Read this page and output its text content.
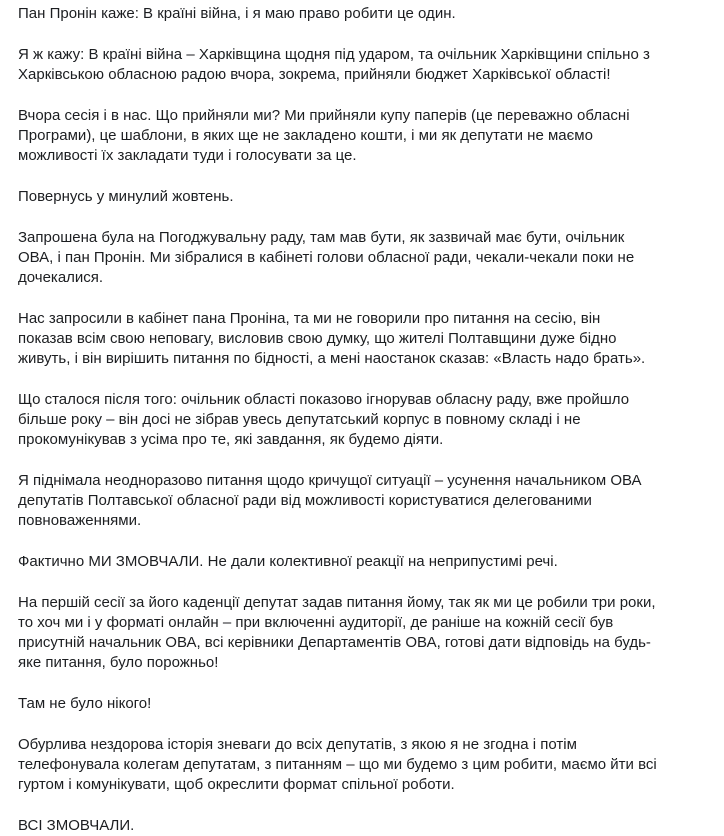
Пан Пронін каже: В країні війна, і я маю право робити це один.

Я ж кажу: В країні війна – Харківщина щодня під ударом, та очільник Харківщини спільно з
Харківською обласною радою вчора, зокрема, прийняли бюджет Харківської області!

Вчора сесія і в нас. Що прийняли ми? Ми прийняли купу паперів (це переважно обласні
Програми), це шаблони, в яких ще не закладено кошти, і ми як депутати не маємо
можливості їх закладати туди і голосувати за це.

Повернусь у минулий жовтень.

Запрошена була на Погоджувальну раду, там мав бути, як зазвичай має бути, очільник
ОВА, і пан Пронін. Ми зібралися в кабінеті голови обласної ради, чекали-чекали поки не
дочекалися.

Нас запросили в кабінет пана Проніна, та ми не говорили про питання на сесію, він
показав всім свою неповагу, висловив свою думку, що жителі Полтавщини дуже бідно
живуть, і він вирішить питання по бідності, а мені наостанок сказав: «Власть надо брать».

Що сталося після того: очільник області показово ігнорував обласну раду, вже пройшло
більше року – він досі не зібрав увесь депутатський корпус в повному складі і не
прокомунікував з усіма про те, які завдання, як будемо діяти.

Я піднімала неодноразово питання щодо кричущої ситуації – усунення начальником ОВА
депутатів Полтавської обласної ради від можливості користуватися делегованими
повноваженнями.

Фактично МИ ЗМОВЧАЛИ. Не дали колективної реакції на неприпустимі речі.

На першій сесії за його каденції депутат задав питання йому, так як ми це робили три роки,
то хоч ми і у форматі онлайн – при включенні аудиторії, де раніше на кожній сесії був
присутній начальник ОВА, всі керівники Департаментів ОВА, готові дати відповідь на будь-
яке питання, було порожньо!

Там не було нікого!

Обурлива нездорова історія зневаги до всіх депутатів, з якою я не згодна і потім
телефонувала колегам депутатам, з питанням – що ми будемо з цим робити, маємо йти всі
гуртом і комунікувати, щоб окреслити формат спільної роботи.

ВСІ ЗМОВЧАЛИ.
